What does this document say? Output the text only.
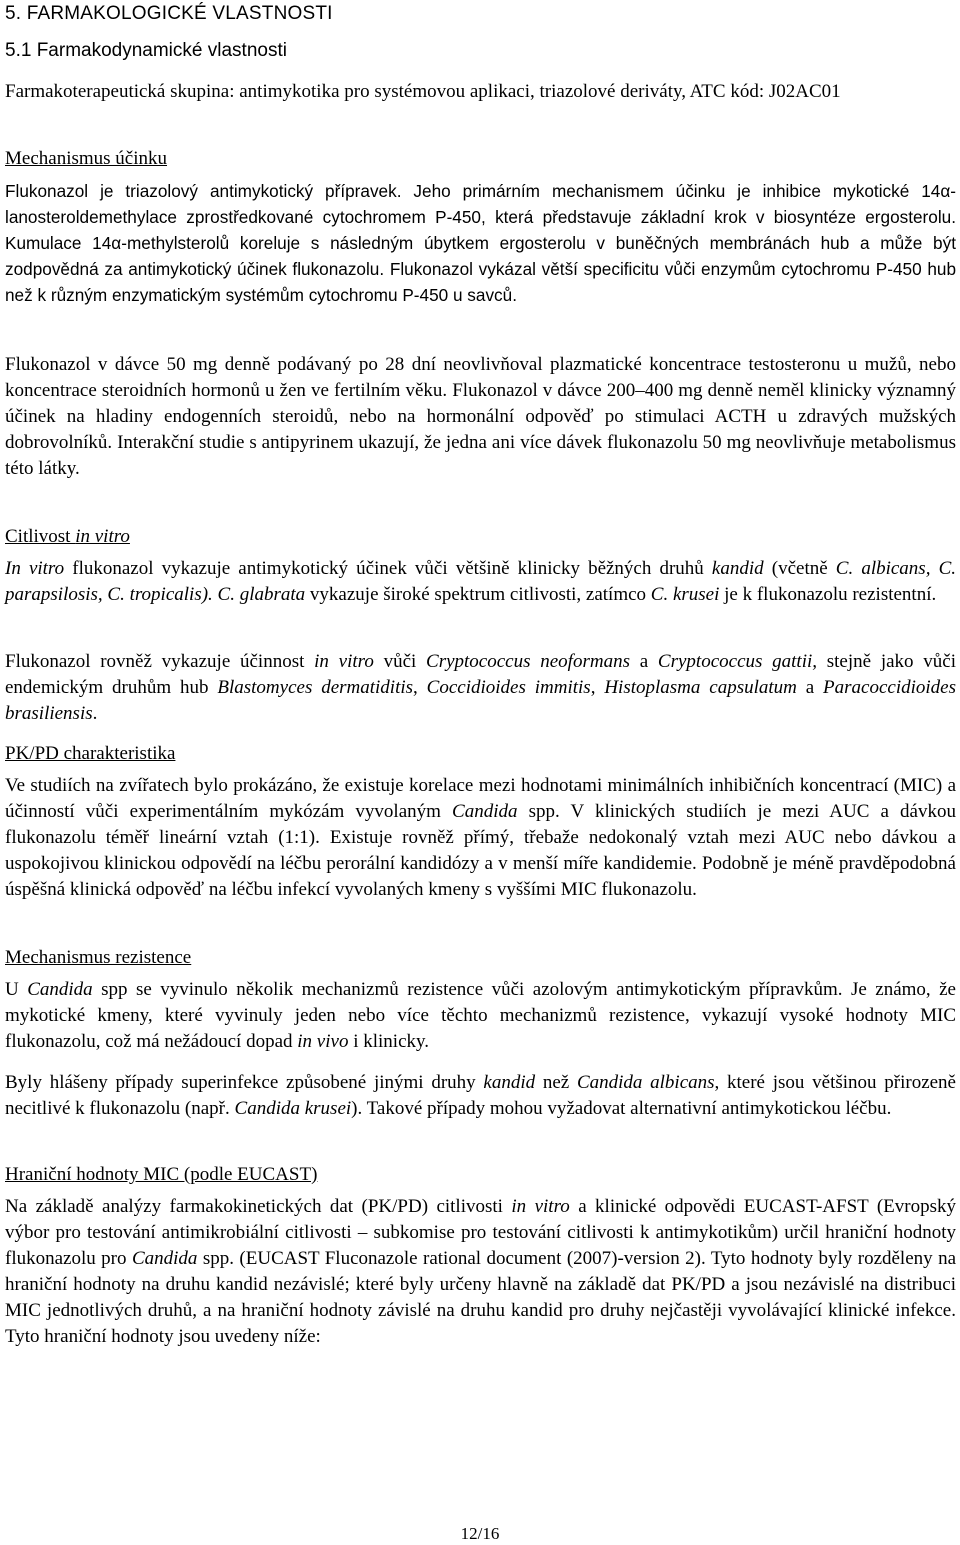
5. FARMAKOLOGICKÉ VLASTNOSTI
5.1 Farmakodynamické vlastnosti

Farmakoterapeutická skupina: antimykotika pro systémovou aplikaci, triazolové deriváty, ATC kód: J02AC01

Mechanismus účinku

Flukonazol je triazolový antimykotický přípravek. Jeho primárním mechanismem účinku je inhibice mykotické 14α-lanosteroldemethylace zprostředkované cytochromem P-450, která představuje základní krok v biosyntéze ergosterolu. Kumulace 14α-methylsterolů koreluje s následným úbytkem ergosterolu v buněčných membránách hub a může být zodpovědná za antimykotický účinek flukonazolu. Flukonazol vykázal větší specificitu vůči enzymům cytochromu P-450 hub než k různým enzymatickým systémům cytochromu P-450 u savců.

Flukonazol v dávce 50 mg denně podávaný po 28 dní neovlivňoval plazmatické koncentrace testosteronu u mužů, nebo koncentrace steroidních hormonů u žen ve fertilním věku. Flukonazol v dávce 200–400 mg denně neměl klinicky významný účinek na hladiny endogenních steroidů, nebo na hormonální odpověď po stimulaci ACTH u zdravých mužských dobrovolníků. Interakční studie s antipyrinem ukazují, že jedna ani více dávek flukonazolu 50 mg neovlivňuje metabolismus této látky.

Citlivost in vitro

In vitro flukonazol vykazuje antimykotický účinek vůči většině klinicky běžných druhů kandid (včetně C. albicans, C. parapsilosis, C. tropicalis). C. glabrata vykazuje široké spektrum citlivosti, zatímco C. krusei je k flukonazolu rezistentní.

Flukonazol rovněž vykazuje účinnost in vitro vůči Cryptococcus neoformans a Cryptococcus gattii, stejně jako vůči endemickým druhům hub Blastomyces dermatiditis, Coccidioides immitis, Histoplasma capsulatum a Paracoccidioides brasiliensis.

PK/PD charakteristika

Ve studiích na zvířatech bylo prokázáno, že existuje korelace mezi hodnotami minimálních inhibičních koncentrací (MIC) a účinností vůči experimentálním mykózám vyvolaným Candida spp. V klinických studiích je mezi AUC a dávkou flukonazolu téměř lineární vztah (1:1). Existuje rovněž přímý, třebaže nedokonalý vztah mezi AUC nebo dávkou a uspokojivou klinickou odpovědí na léčbu perorální kandidózy a v menší míře kandidemie. Podobně je méně pravděpodobná úspěšná klinická odpověď na léčbu infekcí vyvolaných kmeny s vyššími MIC flukonazolu.

Mechanismus rezistence

U Candida spp se vyvinulo několik mechanizmů rezistence vůči azolovým antimykotickým přípravkům. Je známo, že mykotické kmeny, které vyvinuly jeden nebo více těchto mechanizmů rezistence, vykazují vysoké hodnoty MIC flukonazolu, což má nežádoucí dopad in vivo i klinicky.

Byly hlášeny případy superinfekce způsobené jinými druhy kandid než Candida albicans, které jsou většinou přirozeně necitlivé k flukonazolu (např. Candida krusei). Takové případy mohou vyžadovat alternativní antimykotickou léčbu.

Hraniční hodnoty MIC (podle EUCAST)

Na základě analýzy farmakokinetických dat (PK/PD) citlivosti in vitro a klinické odpovědi EUCAST-AFST (Evropský výbor pro testování antimikrobiální citlivosti – subkomise pro testování citlivosti k antimykotikům) určil hraniční hodnoty flukonazolu pro Candida spp. (EUCAST Fluconazole rational document (2007)-version 2). Tyto hodnoty byly rozděleny na hraniční hodnoty na druhu kandid nezávislé; které byly určeny hlavně na základě dat PK/PD a jsou nezávislé na distribuci MIC jednotlivých druhů, a na hraniční hodnoty závislé na druhu kandid pro druhy nejčastěji vyvolávající klinické infekce. Tyto hraniční hodnoty jsou uvedeny níže:

12/16
